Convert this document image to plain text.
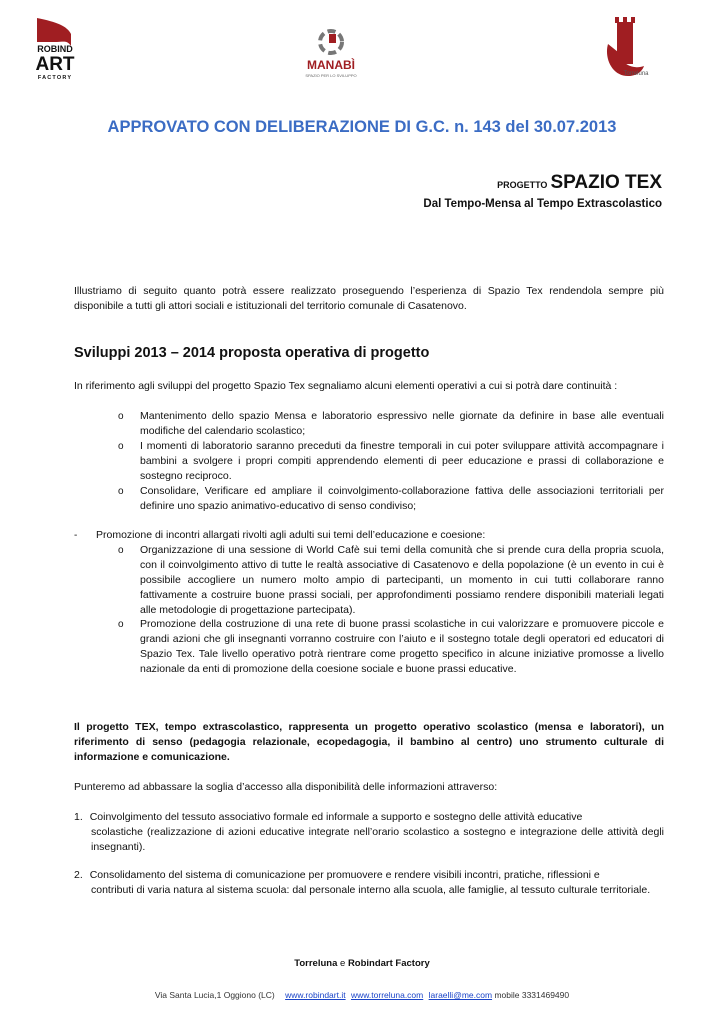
ROBIND
ART
FACTORY
MANABÌ
SPAZIO PER LO SVILUPPO	Torreluna
APPROVATO CON DELIBERAZIONE DI G.C. n. 143 del 30.07.2013
PROGETTO SPAZIO TEX
Dal Tempo-Mensa al Tempo Extrascolastico
Illustriamo di seguito quanto potrà essere realizzato proseguendo l’esperienza di Spazio Tex rendendola sempre più disponibile a tutti gli attori sociali e istituzionali del territorio comunale di Casatenovo.
Sviluppi 2013 – 2014 proposta operativa di progetto
In riferimento agli sviluppi del progetto Spazio Tex segnaliamo alcuni elementi operativi a cui si potrà dare continuità :
o Mantenimento dello spazio Mensa e laboratorio espressivo nelle giornate da definire in base alle eventuali modifiche del calendario scolastico;
o I momenti di laboratorio saranno preceduti da finestre temporali in cui poter sviluppare attività accompagnare i bambini a svolgere i propri compiti apprendendo elementi di peer educazione e prassi di collaborazione e sostegno reciproco.
o Consolidare, Verificare ed ampliare il coinvolgimento-collaborazione fattiva delle associazioni territoriali per definire uno spazio animativo-educativo di senso condiviso;
- Promozione di incontri allargati rivolti agli adulti sui temi dell’educazione e coesione:
o Organizzazione di una sessione di World Cafè sui temi della comunità che si prende cura della propria scuola, con il coinvolgimento attivo di tutte le realtà associative di Casatenovo e della popolazione (è un evento in cui è possibile accogliere un numero molto ampio di partecipanti, un momento in cui tutti collaborare ranno fattivamente a costruire buone prassi sociali, per approfondimenti possiamo rendere disponibili materiali legati alle metodologie di progettazione partecipata).
o Promozione della costruzione di una rete di buone prassi scolastiche in cui valorizzare e promuovere piccole e grandi azioni che gli insegnanti vorranno costruire con l’aiuto e il sostegno totale degli operatori ed educatori di Spazio Tex. Tale livello operativo potrà rientrare come progetto specifico in alcune iniziative promosse a livello nazionale da enti di promozione della coesione sociale e buone prassi educative.
Il progetto TEX, tempo extrascolastico, rappresenta un progetto operativo scolastico (mensa e laboratori), un riferimento di senso (pedagogia relazionale, ecopedagogia, il bambino al centro) uno strumento culturale di informazione e comunicazione.
Punteremo ad abbassare la soglia d’accesso alla disponibilità delle informazioni attraverso:
1. Coinvolgimento del tessuto associativo formale ed informale a supporto e sostegno delle attività educative
scolastiche (realizzazione di azioni educative integrate nell’orario scolastico a sostegno e integrazione delle attività degli insegnanti).
2. Consolidamento del sistema di comunicazione per promuovere e rendere visibili incontri, pratiche, riflessioni e
contributi di varia natura al sistema scuola: dal personale interno alla scuola, alle famiglie, al tessuto culturale territoriale.
Torreluna e Robindart Factory
Via Santa Lucia,1 Oggiono (LC) www.robindart.it www.torreluna.com laraelli@me.com mobile 3331469490
